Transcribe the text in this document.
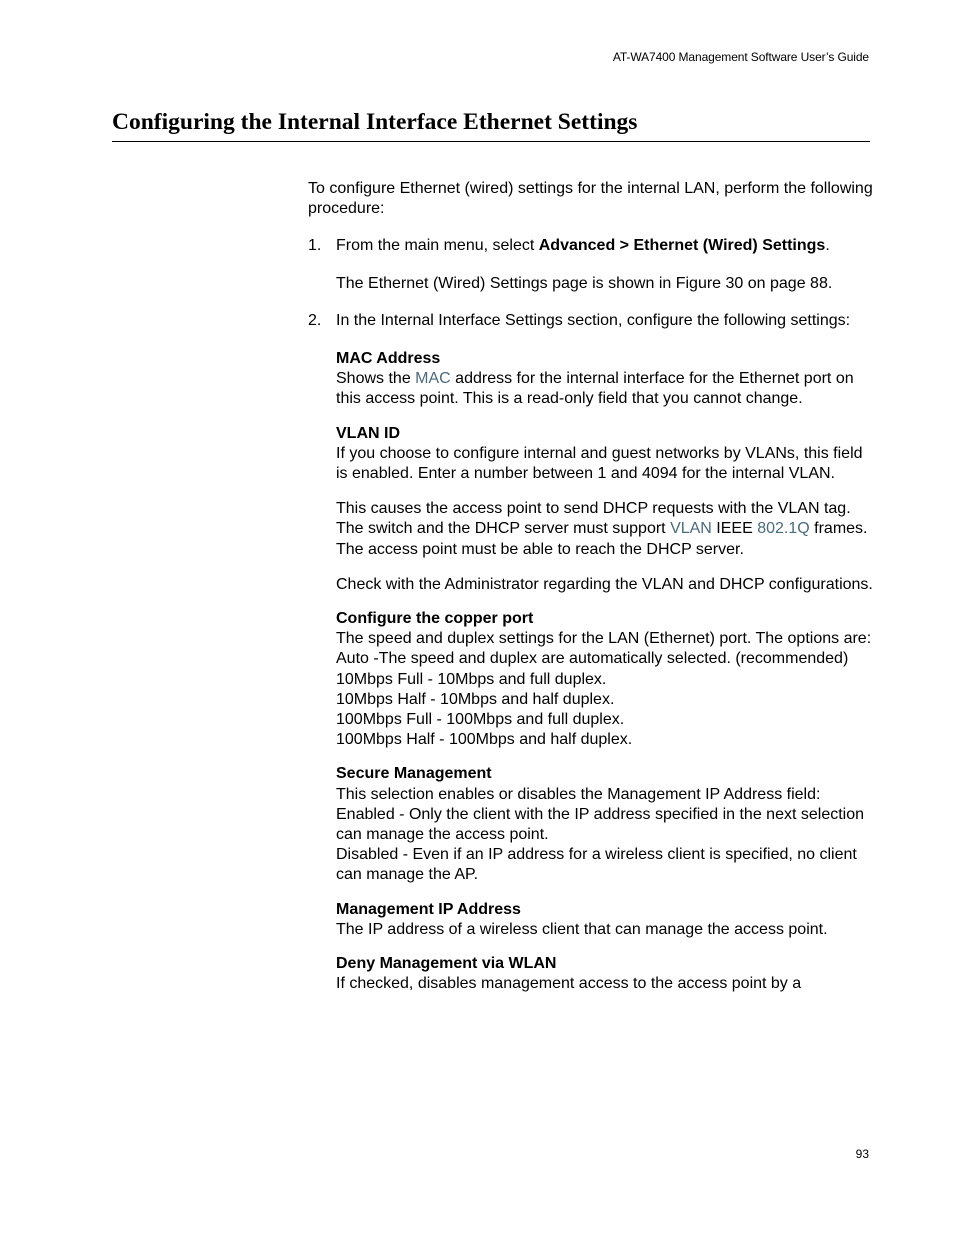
AT-WA7400 Management Software User’s Guide
Configuring the Internal Interface Ethernet Settings

To configure Ethernet (wired) settings for the internal LAN, perform the following procedure:

1. From the main menu, select Advanced > Ethernet (Wired) Settings.

The Ethernet (Wired) Settings page is shown in Figure 30 on page 88.

2. In the Internal Interface Settings section, configure the following settings:

MAC Address

Shows the MAC address for the internal interface for the Ethernet port on this access point. This is a read-only field that you cannot change.

VLAN ID

If you choose to configure internal and guest networks by VLANs, this field is enabled. Enter a number between 1 and 4094 for the internal VLAN.

This causes the access point to send DHCP requests with the VLAN tag. The switch and the DHCP server must support VLAN IEEE 802.1Q frames. The access point must be able to reach the DHCP server.

Check with the Administrator regarding the VLAN and DHCP configurations.

Configure the copper port

The speed and duplex settings for the LAN (Ethernet) port. The options are:

Auto -The speed and duplex are automatically selected. (recommended)

10Mbps Full - 10Mbps and full duplex.

10Mbps Half - 10Mbps and half duplex.

100Mbps Full - 100Mbps and full duplex.

100Mbps Half - 100Mbps and half duplex.

Secure Management

This selection enables or disables the Management IP Address field:

Enabled - Only the client with the IP address specified in the next selection can manage the access point.

Disabled - Even if an IP address for a wireless client is specified, no client can manage the AP.

Management IP Address

The IP address of a wireless client that can manage the access point.

Deny Management via WLAN

If checked, disables management access to the access point by a

93
